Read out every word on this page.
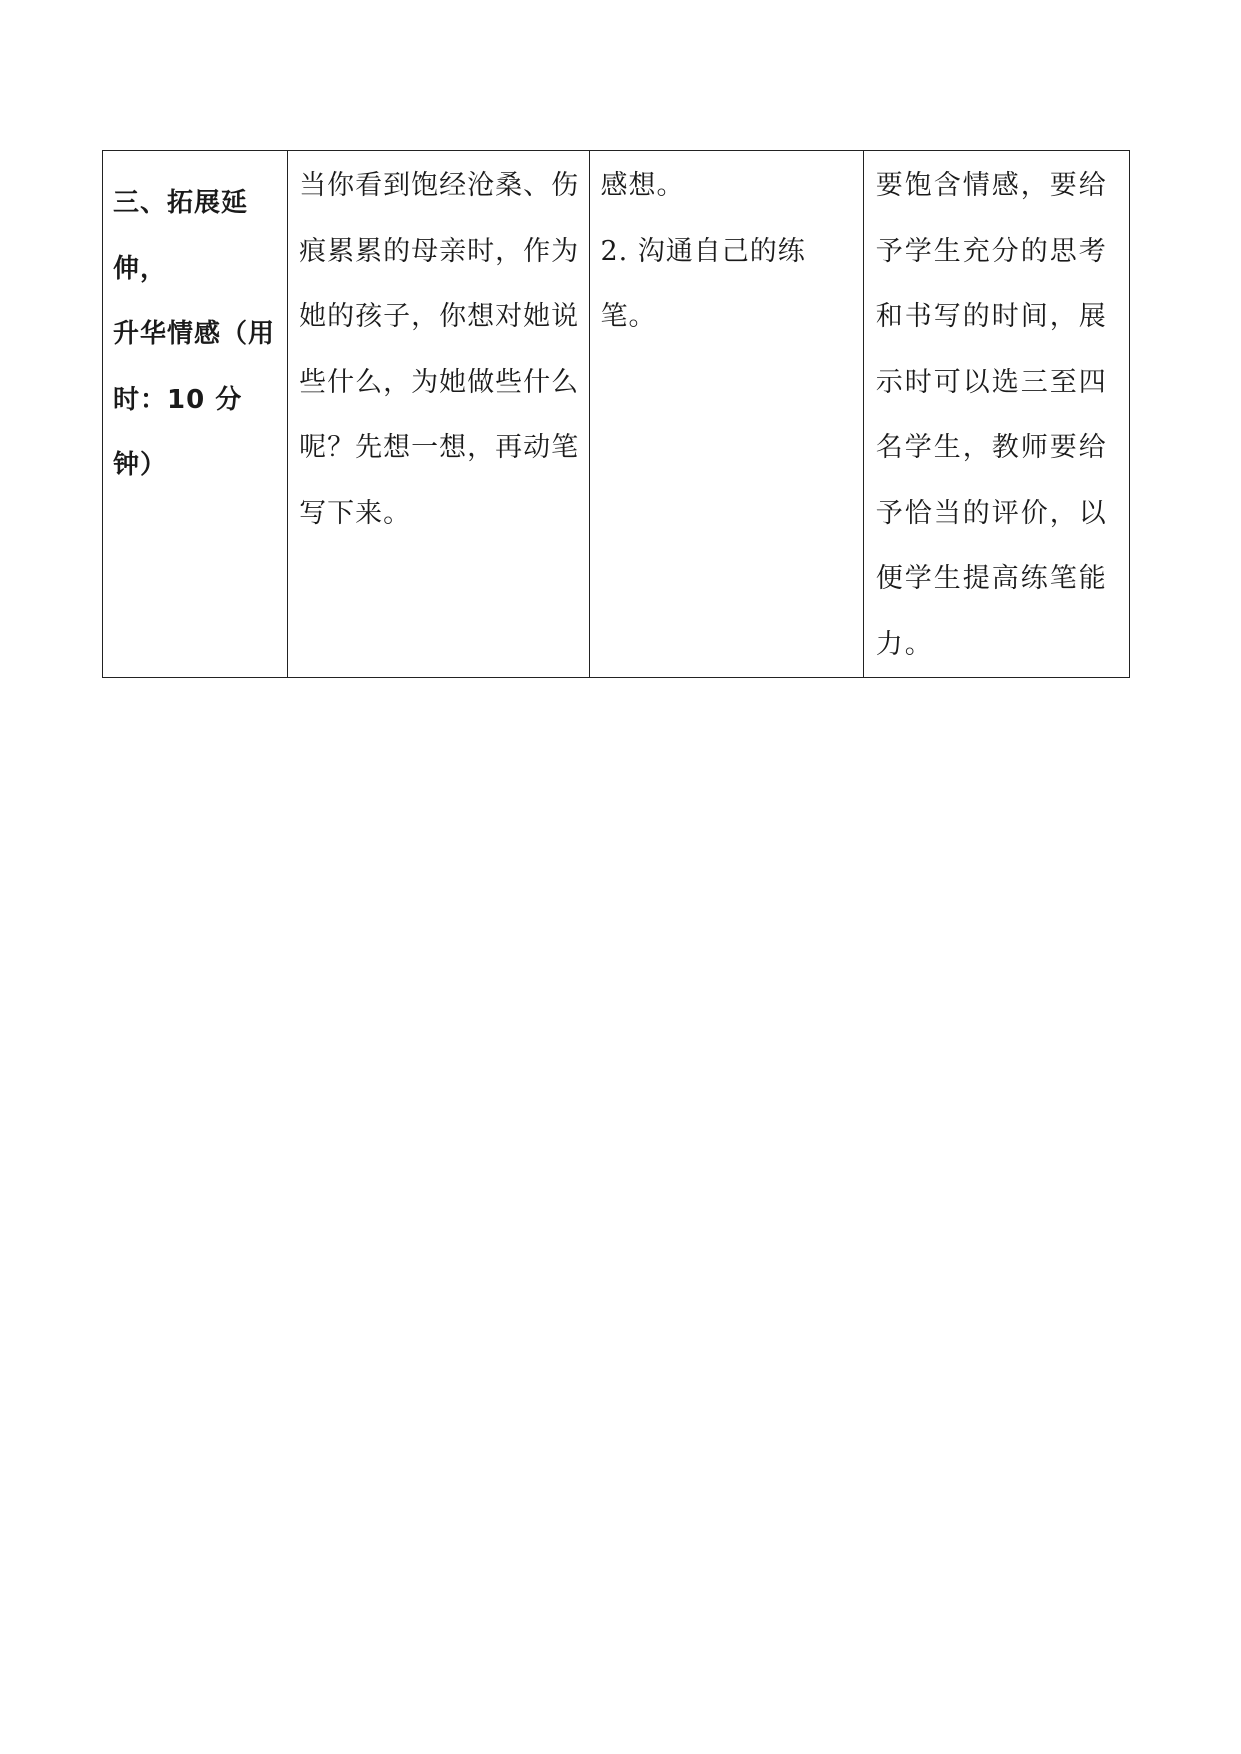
三、拓展延伸，
升华情感（用
时：10 分钟）

当你看到饱经沧桑、伤
痕累累的母亲时，作为
她的孩子，你想对她说
些什么，为她做些什么
呢？先想一想，再动笔
写下来。

感想。
2. 沟通自己的练笔。

要饱含情感，要给
予学生充分的思考
和书写的时间，展
示时可以选三至四
名学生，教师要给
予恰当的评价，以
便学生提高练笔能
力。
